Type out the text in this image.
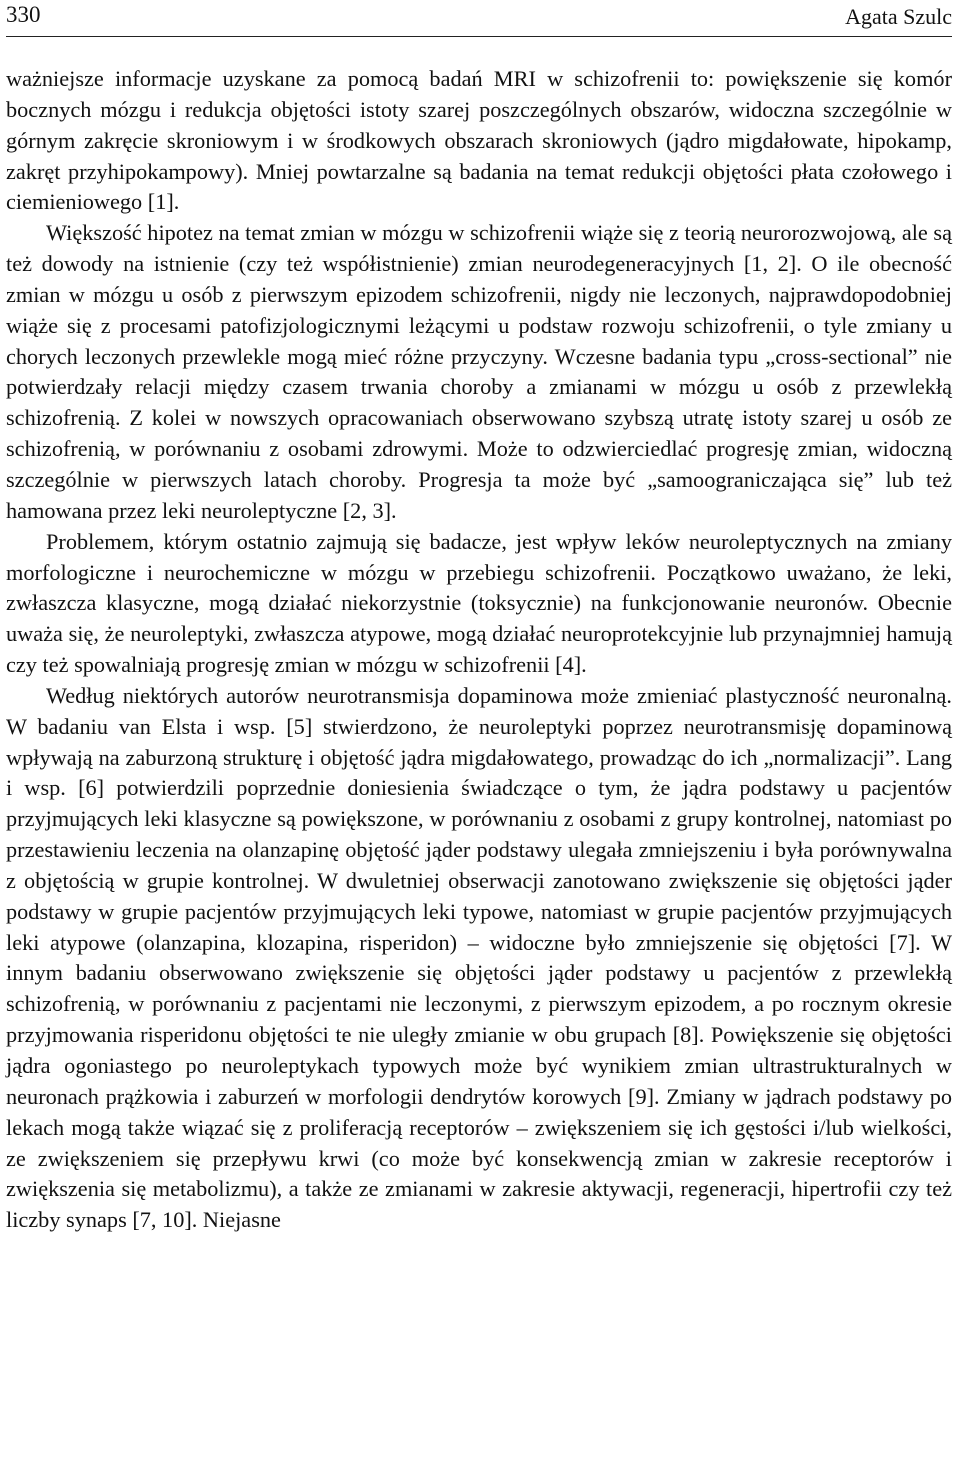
330	Agata Szulc

ważniejsze informacje uzyskane za pomocą badań MRI w schizofrenii to: powiększenie się komór bocznych mózgu i redukcja objętości istoty szarej poszczególnych obszarów, widoczna szczególnie w górnym zakręcie skroniowym i w środkowych obszarach skroniowych (jądro migdałowate, hipokamp, zakręt przyhipokampowy). Mniej powtarzalne są badania na temat redukcji objętości płata czołowego i ciemieniowego [1].

Większość hipotez na temat zmian w mózgu w schizofrenii wiąże się z teorią neurorozwojową, ale są też dowody na istnienie (czy też współistnienie) zmian neurodegeneracyjnych [1, 2]. O ile obecność zmian w mózgu u osób z pierwszym epizodem schizofrenii, nigdy nie leczonych, najprawdopodobniej wiąże się z procesami patofizjologicznymi leżącymi u podstaw rozwoju schizofrenii, o tyle zmiany u chorych leczonych przewlekle mogą mieć różne przyczyny. Wczesne badania typu „cross-sectional” nie potwierdzały relacji między czasem trwania choroby a zmianami w mózgu u osób z przewlekłą schizofrenią. Z kolei w nowszych opracowaniach obserwowano szybszą utratę istoty szarej u osób ze schizofrenią, w porównaniu z osobami zdrowymi. Może to odzwierciedlać progresję zmian, widoczną szczególnie w pierwszych latach choroby. Progresja ta może być „samoograniczająca się” lub też hamowana przez leki neuroleptyczne [2, 3].

Problemem, którym ostatnio zajmują się badacze, jest wpływ leków neuroleptycznych na zmiany morfologiczne i neurochemiczne w mózgu w przebiegu schizofrenii. Początkowo uważano, że leki, zwłaszcza klasyczne, mogą działać niekorzystnie (toksycznie) na funkcjonowanie neuronów. Obecnie uważa się, że neuroleptyki, zwłaszcza atypowe, mogą działać neuroprotekcyjnie lub przynajmniej hamują czy też spowalniają progresję zmian w mózgu w schizofrenii [4].

Według niektórych autorów neurotransmisja dopaminowa może zmieniać plastyczność neuronalną. W badaniu van Elsta i wsp. [5] stwierdzono, że neuroleptyki poprzez neurotransmisję dopaminową wpływają na zaburzoną strukturę i objętość jądra migdałowatego, prowadząc do ich „normalizacji”. Lang i wsp. [6] potwierdzili poprzednie doniesienia świadczące o tym, że jądra podstawy u pacjentów przyjmujących leki klasyczne są powiększone, w porównaniu z osobami z grupy kontrolnej, natomiast po przestawieniu leczenia na olanzapinę objętość jąder podstawy ulegała zmniejszeniu i była porównywalna z objętością w grupie kontrolnej. W dwuletniej obserwacji zanotowano zwiększenie się objętości jąder podstawy w grupie pacjentów przyjmujących leki typowe, natomiast w grupie pacjentów przyjmujących leki atypowe (olanzapina, klozapina, risperidon) – widoczne było zmniejszenie się objętości [7]. W innym badaniu obserwowano zwiększenie się objętości jąder podstawy u pacjentów z przewlekłą schizofrenią, w porównaniu z pacjentami nie leczonymi, z pierwszym epizodem, a po rocznym okresie przyjmowania risperidonu objętości te nie uległy zmianie w obu grupach [8]. Powiększenie się objętości jądra ogoniastego po neuroleptykach typowych może być wynikiem zmian ultrastrukturalnych w neuronach prążkowia i zaburzeń w morfologii dendrytów korowych [9]. Zmiany w jądrach podstawy po lekach mogą także wiązać się z proliferacją receptorów – zwiększeniem się ich gęstości i/lub wielkości, ze zwiększeniem się przepływu krwi (co może być konsekwencją zmian w zakresie receptorów i zwiększenia się metabolizmu), a także ze zmianami w zakresie aktywacji, regeneracji, hipertrofii czy też liczby synaps [7, 10]. Niejasne
